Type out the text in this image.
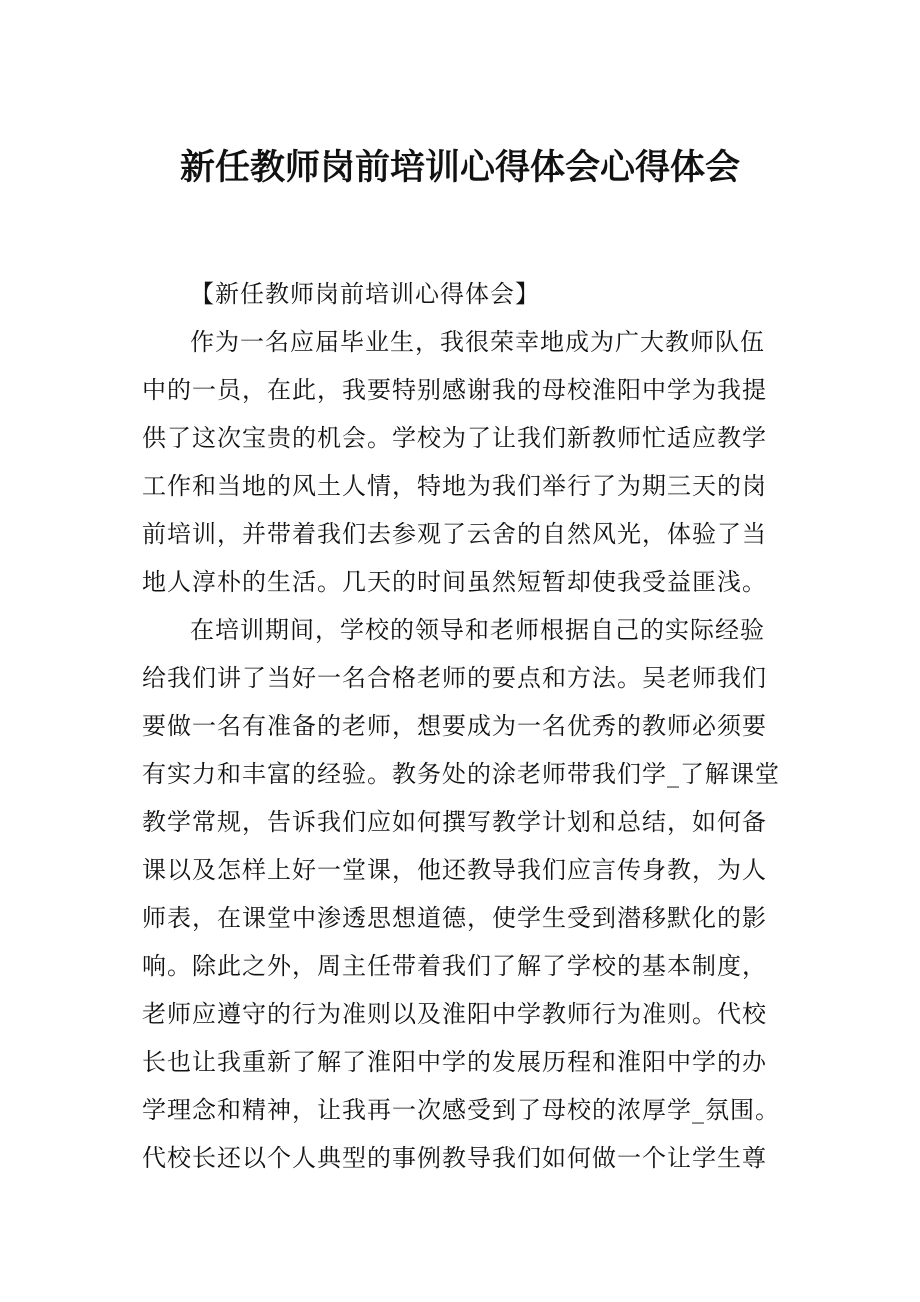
新任教师岗前培训心得体会心得体会
【新任教师岗前培训心得体会】
作为一名应届毕业生，我很荣幸地成为广大教师队伍
中的一员，在此，我要特别感谢我的母校淮阳中学为我提
供了这次宝贵的机会。学校为了让我们新教师忙适应教学
工作和当地的风土人情，特地为我们举行了为期三天的岗
前培训，并带着我们去参观了云舍的自然风光，体验了当
地人淳朴的生活。几天的时间虽然短暂却使我受益匪浅。
在培训期间，学校的领导和老师根据自己的实际经验
给我们讲了当好一名合格老师的要点和方法。吴老师我们
要做一名有准备的老师，想要成为一名优秀的教师必须要
有实力和丰富的经验。教务处的涂老师带我们学_了解课堂
教学常规，告诉我们应如何撰写教学计划和总结，如何备
课以及怎样上好一堂课，他还教导我们应言传身教，为人
师表，在课堂中渗透思想道德，使学生受到潜移默化的影
响。除此之外，周主任带着我们了解了学校的基本制度，
老师应遵守的行为准则以及淮阳中学教师行为准则。代校
长也让我重新了解了淮阳中学的发展历程和淮阳中学的办
学理念和精神，让我再一次感受到了母校的浓厚学_氛围。
代校长还以个人典型的事例教导我们如何做一个让学生尊
